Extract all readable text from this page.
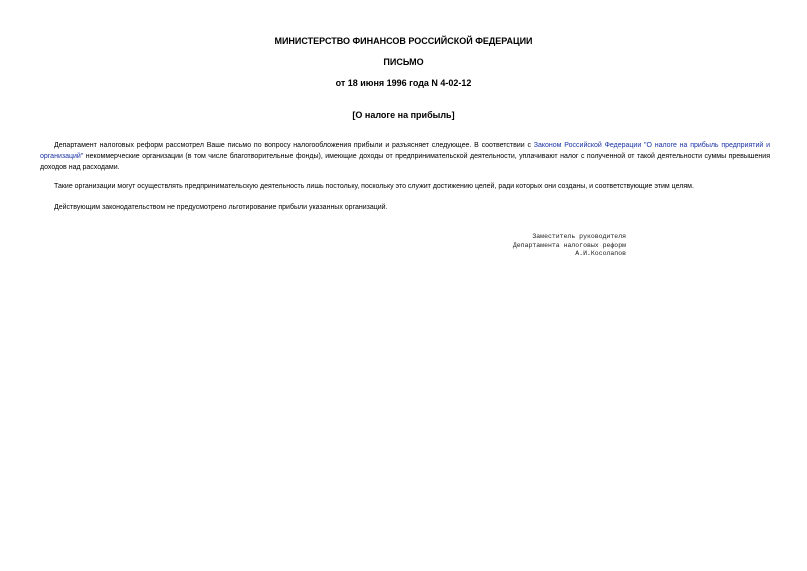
МИНИСТЕРСТВО ФИНАНСОВ РОССИЙСКОЙ ФЕДЕРАЦИИ
ПИСЬМО
от 18 июня 1996 года N 4-02-12
[О налоге на прибыль]

Департамент налоговых реформ рассмотрел Ваше письмо по вопросу налогообложения прибыли и разъясняет следующее. В соответствии с Законом Российской Федерации "О налоге на прибыль предприятий и организаций" некоммерческие организации (в том числе благотворительные фонды), имеющие доходы от предпринимательской деятельности, уплачивают налог с полученной от такой деятельности суммы превышения доходов над расходами.

Такие организации могут осуществлять предпринимательскую деятельность лишь постольку, поскольку это служит достижению целей, ради которых они созданы, и соответствующие этим целям.

Действующим законодательством не предусмотрено льготирование прибыли указанных организаций.

Заместитель руководителя
Департамента налоговых реформ
А.И.Косолапов
